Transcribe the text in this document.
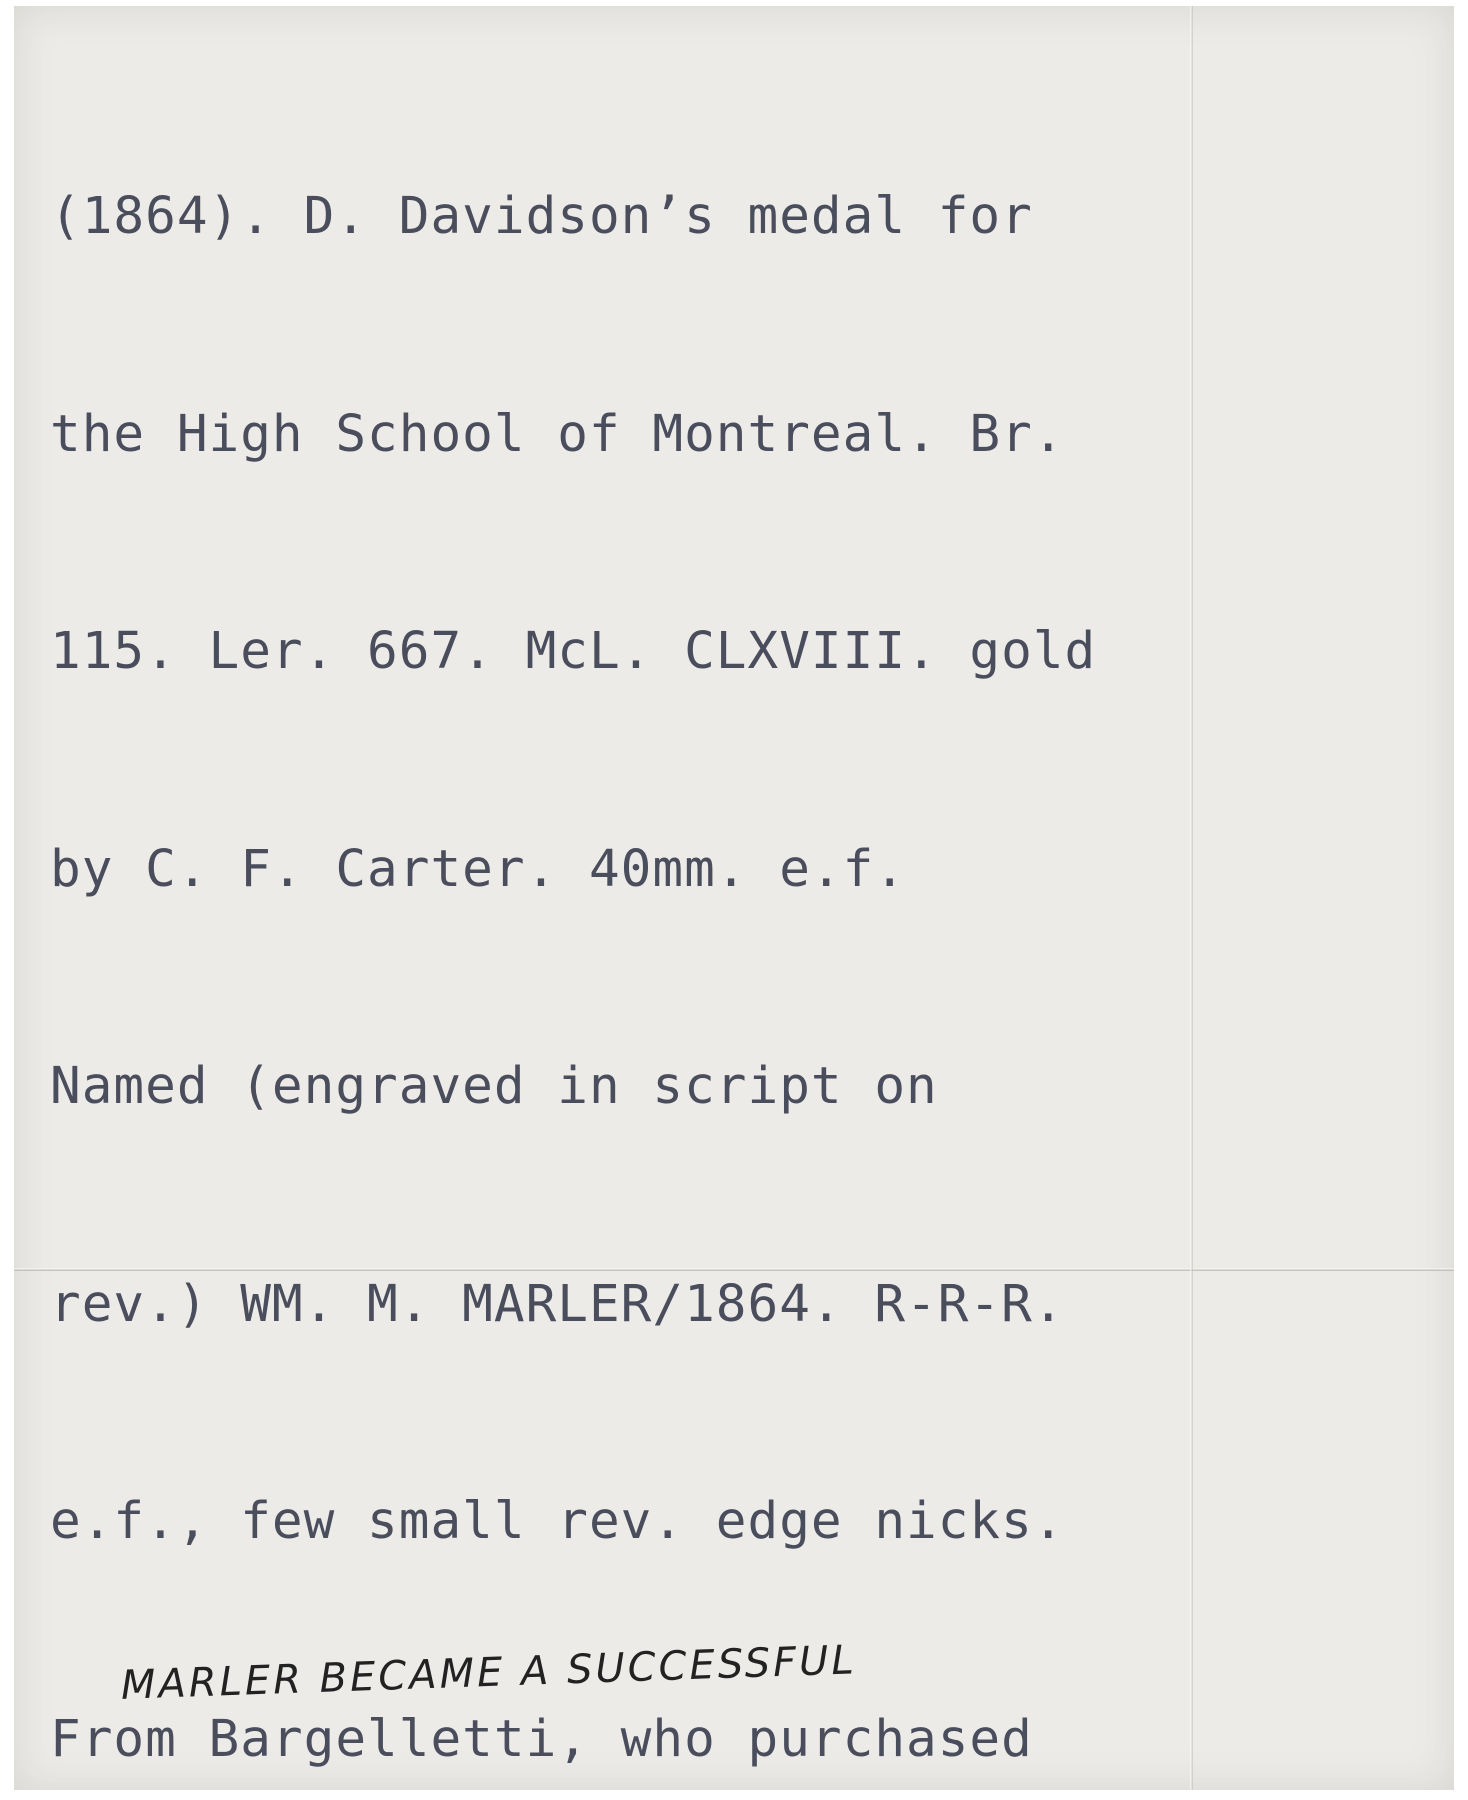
(1864). D. Davidson’s medal for

the High School of Montreal. Br.

115. Ler. 667. McL. CLXVIII. gold

by C. F. Carter. 40mm. e.f.

Named (engraved in script on

rev.) WM. M. MARLER/1864. R-R-R.

e.f., few small rev. edge nicks.

From Bargelletti, who purchased

MARLER BECAME A SUCCESSFUL
